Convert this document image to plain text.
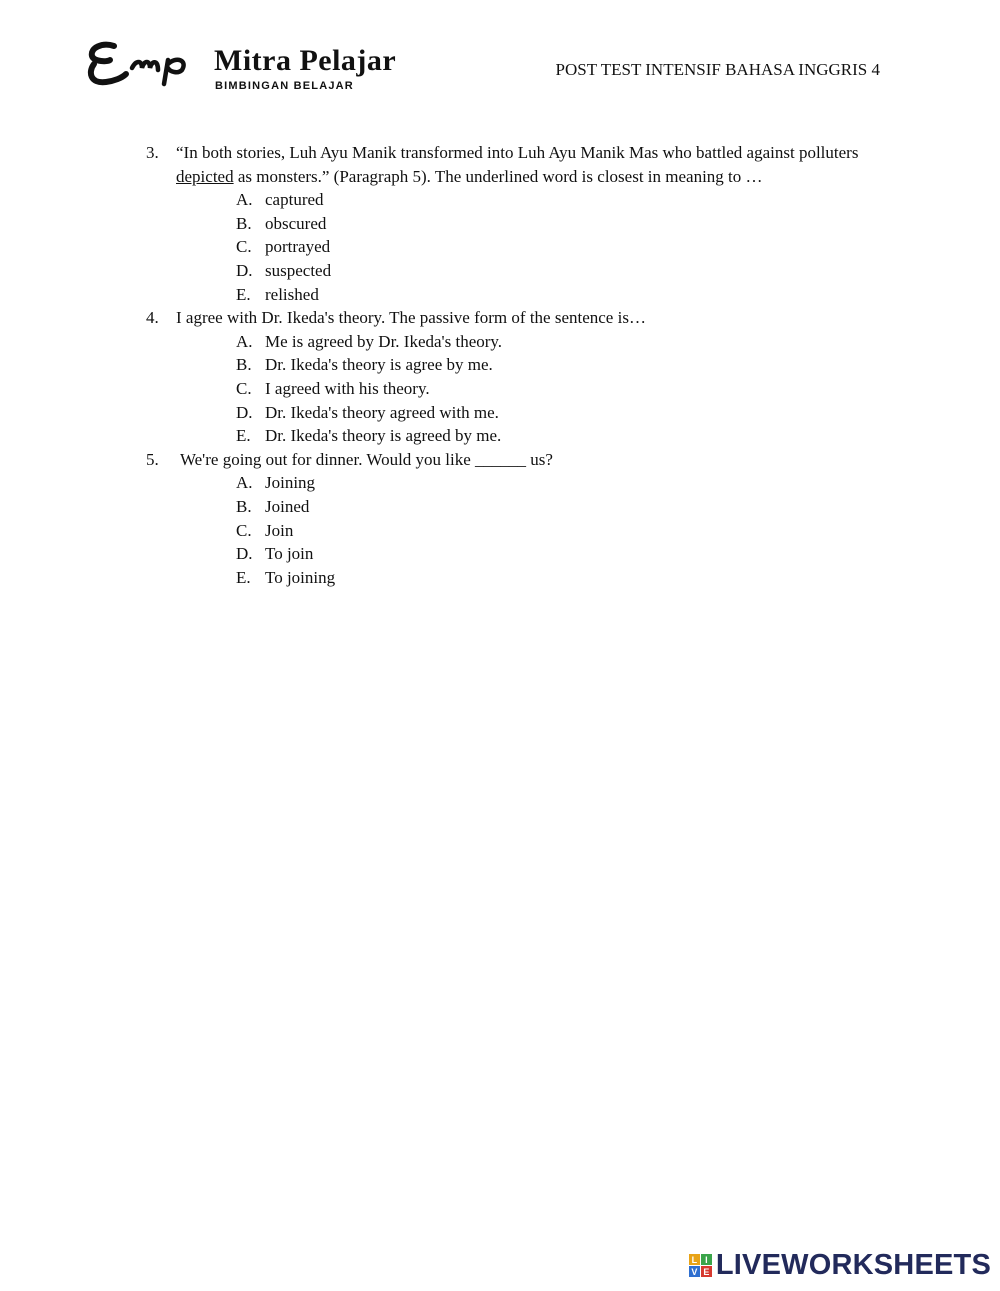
Mitra Pelajar
BIMBINGAN BELAJAR
POST TEST INTENSIF BAHASA INGGRIS 4
3. “In both stories, Luh Ayu Manik transformed into Luh Ayu Manik Mas who battled against polluters depicted as monsters.” (Paragraph 5). The underlined word is closest in meaning to …
A. captured
B. obscured
C. portrayed
D. suspected
E. relished
4. I agree with Dr. Ikeda's theory. The passive form of the sentence is…
A. Me is agreed by Dr. Ikeda's theory.
B. Dr. Ikeda's theory is agree by me.
C. I agreed with his theory.
D. Dr. Ikeda's theory agreed with me.
E. Dr. Ikeda's theory is agreed by me.
5. We're going out for dinner. Would you like ______ us?
A. Joining
B. Joined
C. Join
D. To join
E. To joining
L I
V E LIVEWORKSHEETS
